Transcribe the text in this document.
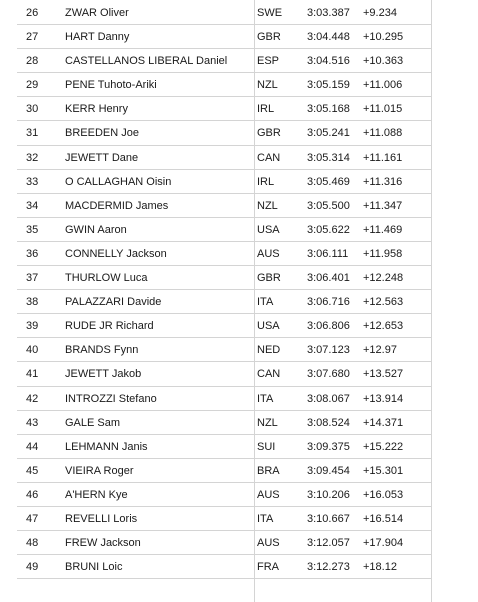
26 ZWAR Oliver	SWE 3:03.387 +9.234
27 HART Danny	GBR 3:04.448 +10.295
28 CASTELLANOS LIBERAL Daniel	ESP	3:04.516 +10.363
29 PENE Tuhoto-Ariki	NZL	3:05.159 +11.006
30 KERR Henry	IRL	3:05.168 +11.015
31 BREEDEN Joe	GBR 3:05.241 +11.088
32 JEWETT Dane	CAN 3:05.314 +11.161
33 O CALLAGHAN Oisin	IRL	3:05.469 +11.316
34 MACDERMID James	NZL	3:05.500 +11.347
35 GWIN Aaron	USA 3:05.622 +11.469
36 CONNELLY Jackson	AUS 3:06.111 +11.958
37 THURLOW Luca	GBR 3:06.401 +12.248
38 PALAZZARI Davide	ITA	3:06.716 +12.563
39 RUDE JR Richard	USA 3:06.806 +12.653
40 BRANDS Fynn	NED 3:07.123 +12.97
41 JEWETT Jakob	CAN 3:07.680 +13.527
42 INTROZZI Stefano	ITA	3:08.067 +13.914
43 GALE Sam	NZL	3:08.524 +14.371
44 LEHMANN Janis	SUI	3:09.375 +15.222
45 VIEIRA Roger	BRA 3:09.454 +15.301
46 A'HERN Kye	AUS 3:10.206 +16.053
47 REVELLI Loris	ITA	3:10.667 +16.514
48 FREW Jackson	AUS 3:12.057 +17.904
49 BRUNI Loic	FRA	3:12.273 +18.12
